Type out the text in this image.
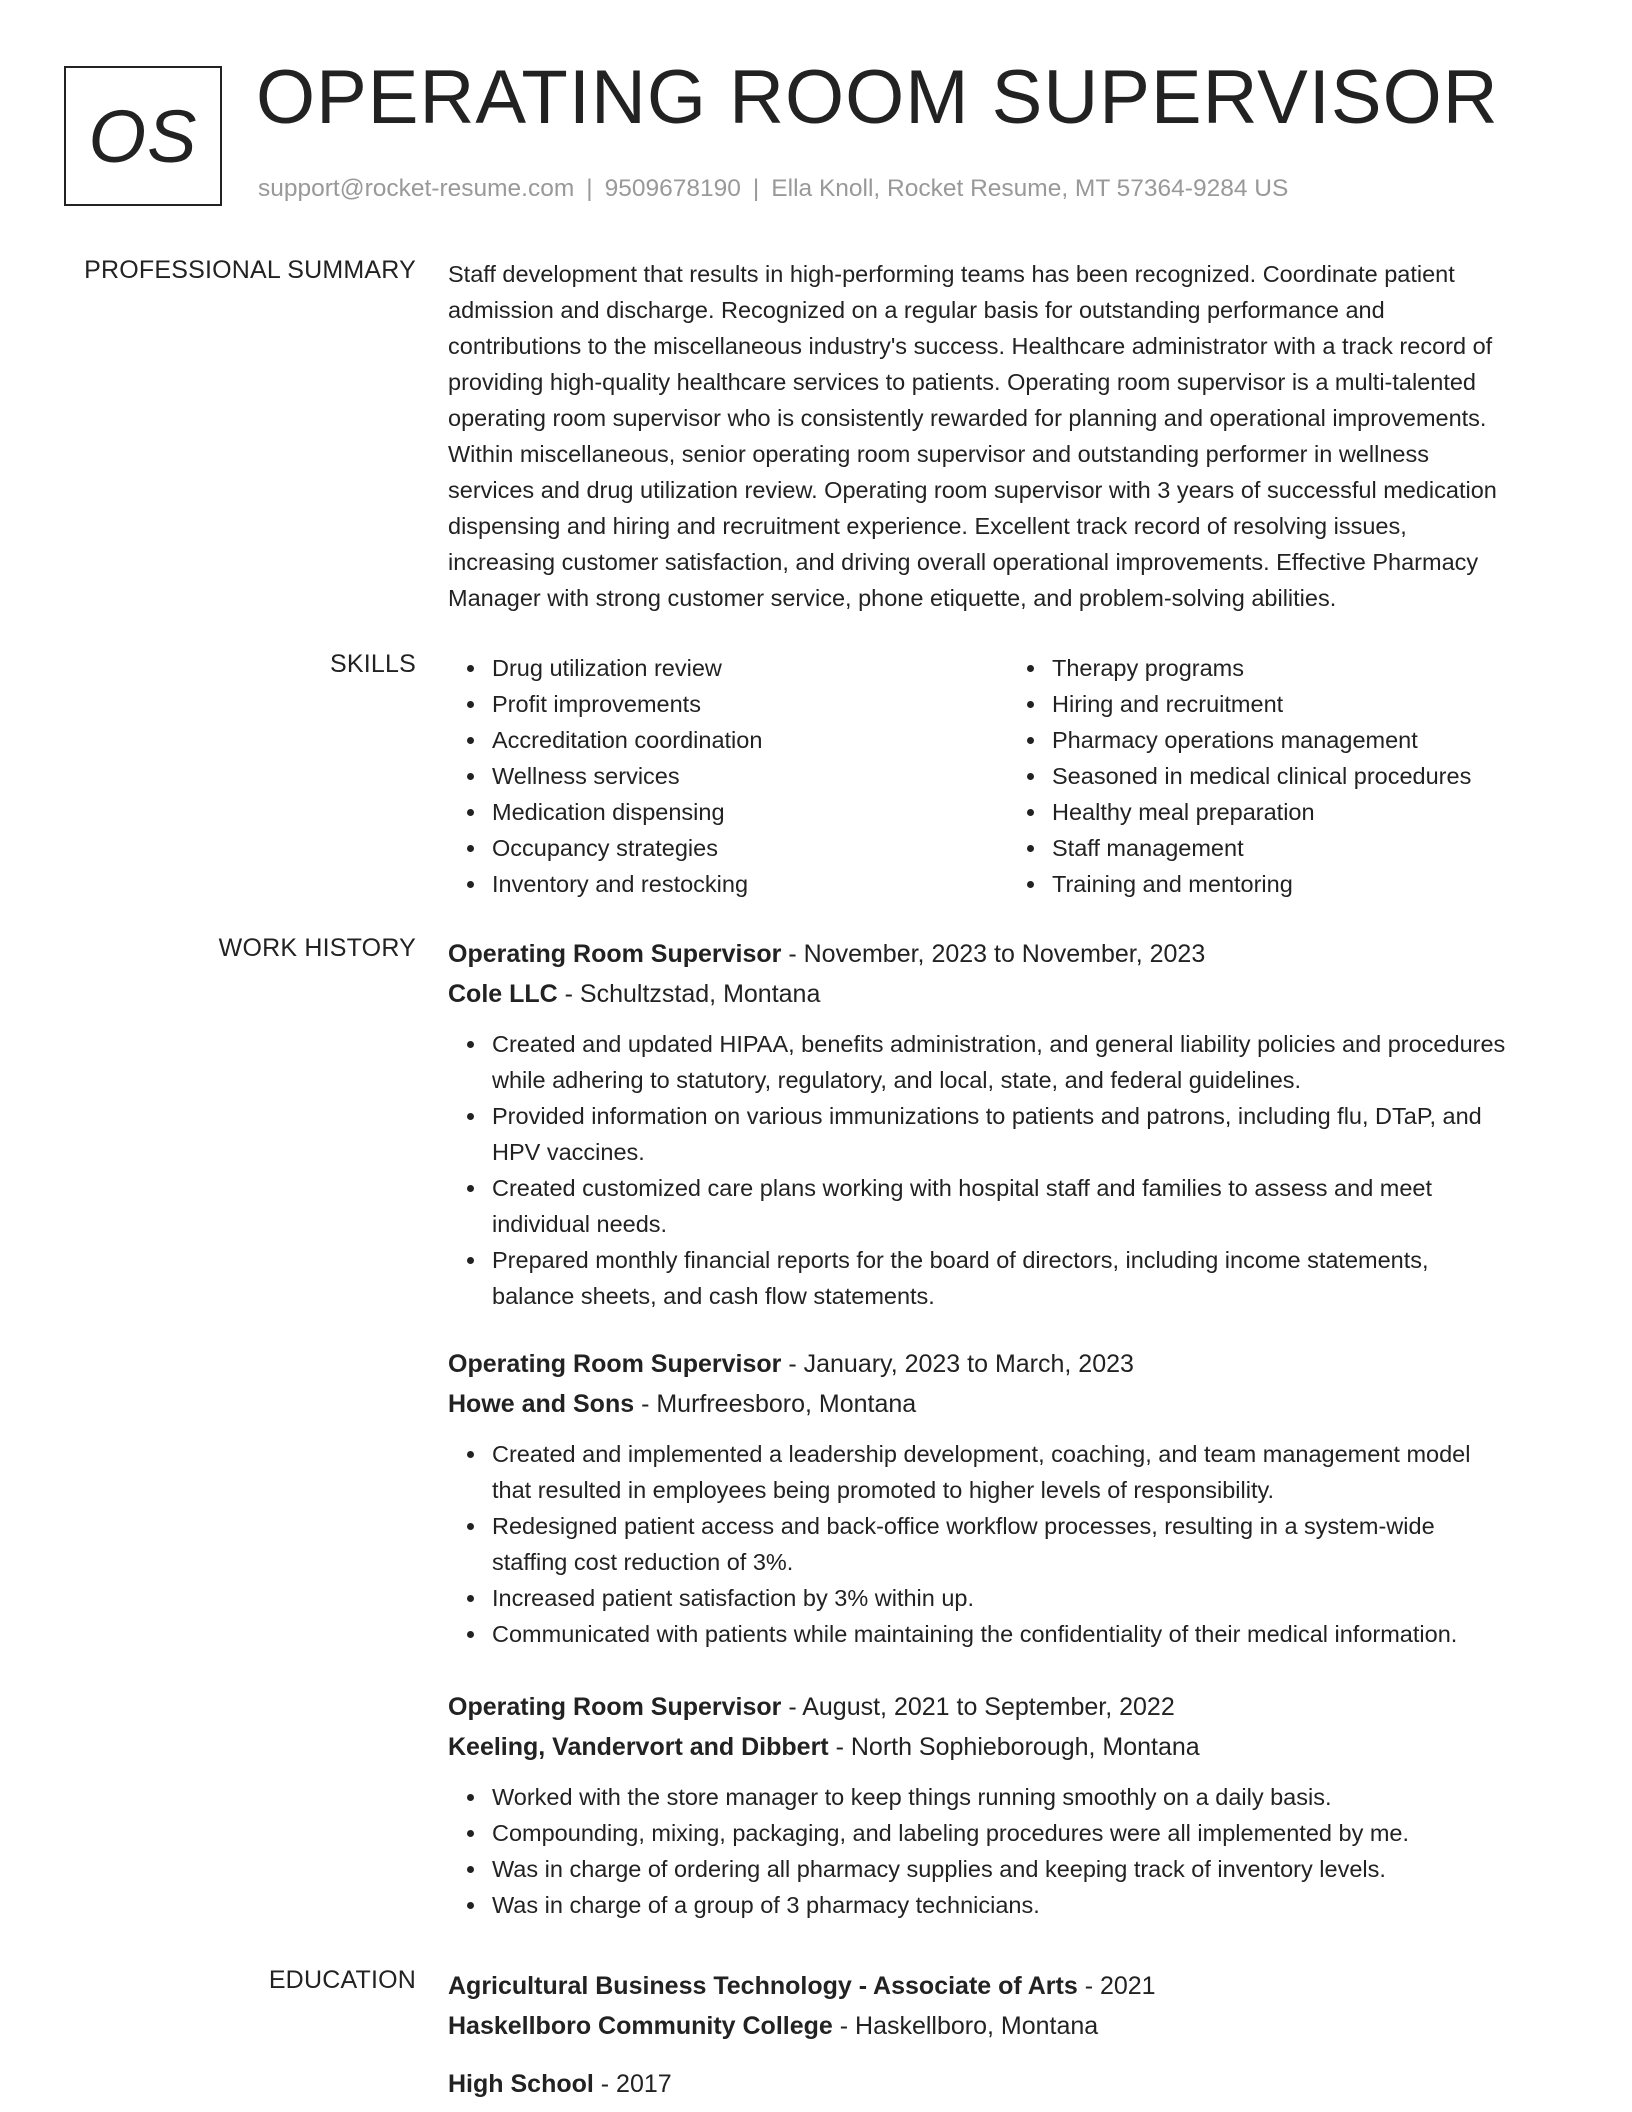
OS OPERATING ROOM SUPERVISOR
support@rocket-resume.com | 9509678190 | Ella Knoll, Rocket Resume, MT 57364-9284 US
PROFESSIONAL SUMMARY Staff development that results in high-performing teams has been recognized. Coordinate patient
admission and discharge. Recognized on a regular basis for outstanding performance and
contributions to the miscellaneous industry's success. Healthcare administrator with a track record of
providing high-quality healthcare services to patients. Operating room supervisor is a multi-talented
operating room supervisor who is consistently rewarded for planning and operational improvements.
Within miscellaneous, senior operating room supervisor and outstanding performer in wellness
services and drug utilization review. Operating room supervisor with 3 years of successful medication
dispensing and hiring and recruitment experience. Excellent track record of resolving issues,
increasing customer satisfaction, and driving overall operational improvements. Effective Pharmacy
Manager with strong customer service, phone etiquette, and problem-solving abilities.
SKILLS	Drug utilization review
Profit improvements
Accreditation coordination
Wellness services
Medication dispensing
Occupancy strategies
Inventory and restocking
Therapy programs
Hiring and recruitment
Pharmacy operations management
Seasoned in medical clinical procedures
Healthy meal preparation
Staff management
Training and mentoring
WORK HISTORY Operating Room Supervisor - November, 2023 to November, 2023
Cole LLC - Schultzstad, Montana
Created and updated HIPAA, benefits administration, and general liability policies and procedures
while adhering to statutory, regulatory, and local, state, and federal guidelines.
Provided information on various immunizations to patients and patrons, including flu, DTaP, and
HPV vaccines.
Created customized care plans working with hospital staff and families to assess and meet
individual needs.
Prepared monthly financial reports for the board of directors, including income statements,
balance sheets, and cash flow statements.
Operating Room Supervisor - January, 2023 to March, 2023
Howe and Sons - Murfreesboro, Montana
Created and implemented a leadership development, coaching, and team management model
that resulted in employees being promoted to higher levels of responsibility.
Redesigned patient access and back-office workflow processes, resulting in a system-wide
staffing cost reduction of 3%.
Increased patient satisfaction by 3% within up.
Communicated with patients while maintaining the confidentiality of their medical information.
Operating Room Supervisor - August, 2021 to September, 2022
Keeling, Vandervort and Dibbert - North Sophieborough, Montana
Worked with the store manager to keep things running smoothly on a daily basis.
Compounding, mixing, packaging, and labeling procedures were all implemented by me.
Was in charge of ordering all pharmacy supplies and keeping track of inventory levels.
Was in charge of a group of 3 pharmacy technicians.
EDUCATION Agricultural Business Technology - Associate of Arts - 2021
Haskellboro Community College - Haskellboro, Montana
High School - 2017
